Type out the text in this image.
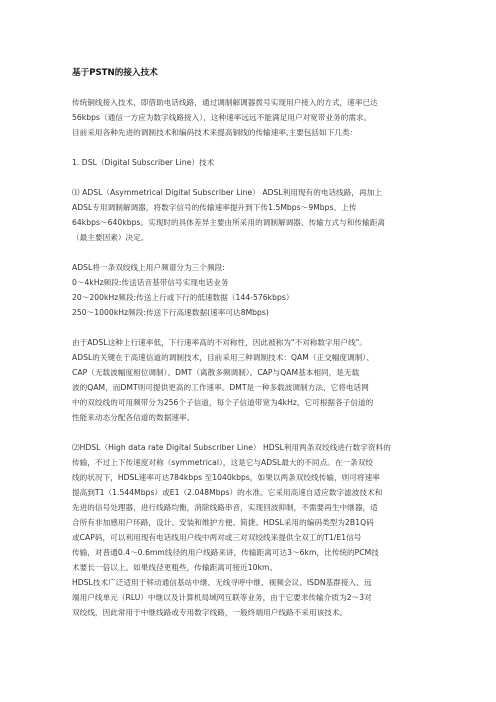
基于PSTN的接入技术
传统铜线接入技术，即借助电话线路，通过调制解调器拨号实现用户接入的方式，速率已达
56kbps（通信一方应为数字线路接入），这种速率远远不能满足用户对宽带业务的需求。
目前采用各种先进的调制技术和编码技术来提高铜线的传输速率,主要包括如下几类：
1. DSL（Digital Subscriber Line）技术
⑴ ADSL（Asymmetrical Digital Subscriber Line） ADSL利用现有的电话线路，再加上
ADSL专用调制解调器，将数字信号的传输速率提升到下传1.5Mbps～9Mbps、上传
64kbps～640kbps。实现时的具体差异主要由所采用的调制解调器、传输方式与和传输距离
（最主要因素）决定。
ADSL将一条双绞线上用户频谱分为三个频段:
0～4kHz频段:传送话音基带信号实现电话业务
20～200kHz频段:传送上行或下行的低速数据（144-576kbps）
250～1000kHz频段:传送下行高速数据(速率可达8Mbps)
由于ADSL这种上行速率低，下行速率高的不对称性，因此被称为"不对称数字用户线"。
ADSL的关键在于高速信道的调制技术，目前采用三种调制技术：QAM（正交幅度调制）、
CAP（无载波幅度相位调制）、DMT（离散多频调制）。CAP与QAM基本相同，是无载
波的QAM，而DMT则可提供更高的工作速率。DMT是一种多载波调制方法，它将电话网
中的双绞线的可用频带分为256个子信道，每个子信道带宽为4kHz，它可根据各子信道的
性能来动态分配各信道的数据速率。
⑵HDSL（High data rate Digital Subscriber Line） HDSL利用两条双绞线进行数字资料的
传输，不过上下传速度对称（symmetrical），这是它与ADSL最大的不同点。在一条双绞
线的状况下，HDSL速率可达784kbps 至1040kbps，如果以两条双绞线传输，则可将速率
提高到T1（1.544Mbps）或E1（2.048Mbps）的水准。它采用高速自适应数字滤波技术和
先进的信号处理器，进行线路均衡，消除线路串音，实现回波抑制，不需要再生中继器，适
合所有非加感用户环路，设计、安装和维护方便、简捷。HDSL采用的编码类型为2B1Q码
或CAP码，可以利用现有电话线用户线中两对或三对双绞线来提供全双工的T1/E1信号
传输，对普通0.4～0.6mm线径的用户线路来讲，传输距离可达3～6km，比传统的PCM技
术要长一倍以上。如果线径更粗些，传输距离可接近10km。
HDSL技术广泛适用于移动通信基站中继、无线寻呼中继、视频会议、ISDN基群接入、远
端用户线单元（RLU）中继以及计算机局域网互联等业务，由于它要求传输介质为2～3对
双绞线，因此常用于中继线路或专用数字线路，一般终端用户线路不采用该技术。
